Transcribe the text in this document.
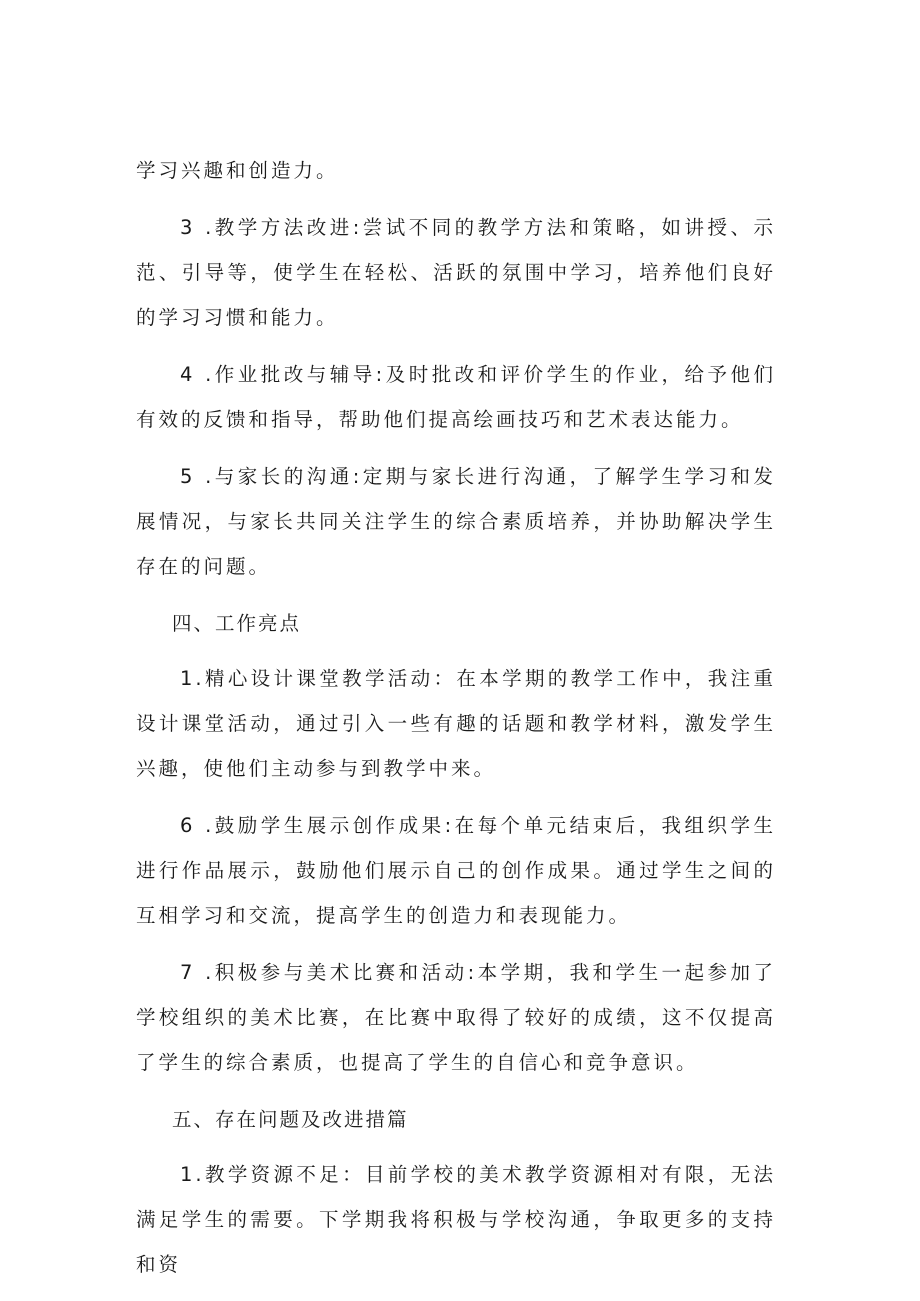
学习兴趣和创造力。

3 .教学方法改进:尝试不同的教学方法和策略，如讲授、示范、引导等，使学生在轻松、活跃的氛围中学习，培养他们良好的学习习惯和能力。

4 .作业批改与辅导:及时批改和评价学生的作业，给予他们有效的反馈和指导，帮助他们提高绘画技巧和艺术表达能力。

5 .与家长的沟通:定期与家长进行沟通，了解学生学习和发展情况，与家长共同关注学生的综合素质培养，并协助解决学生存在的问题。

四、工作亮点

1.精心设计课堂教学活动：在本学期的教学工作中，我注重设计课堂活动，通过引入一些有趣的话题和教学材料，激发学生兴趣，使他们主动参与到教学中来。

6 .鼓励学生展示创作成果:在每个单元结束后，我组织学生进行作品展示，鼓励他们展示自己的创作成果。通过学生之间的互相学习和交流，提高学生的创造力和表现能力。

7 .积极参与美术比赛和活动:本学期，我和学生一起参加了学校组织的美术比赛，在比赛中取得了较好的成绩，这不仅提高了学生的综合素质，也提高了学生的自信心和竞争意识。

五、存在问题及改进措篇

1.教学资源不足：目前学校的美术教学资源相对有限，无法满足学生的需要。下学期我将积极与学校沟通，争取更多的支持和资
